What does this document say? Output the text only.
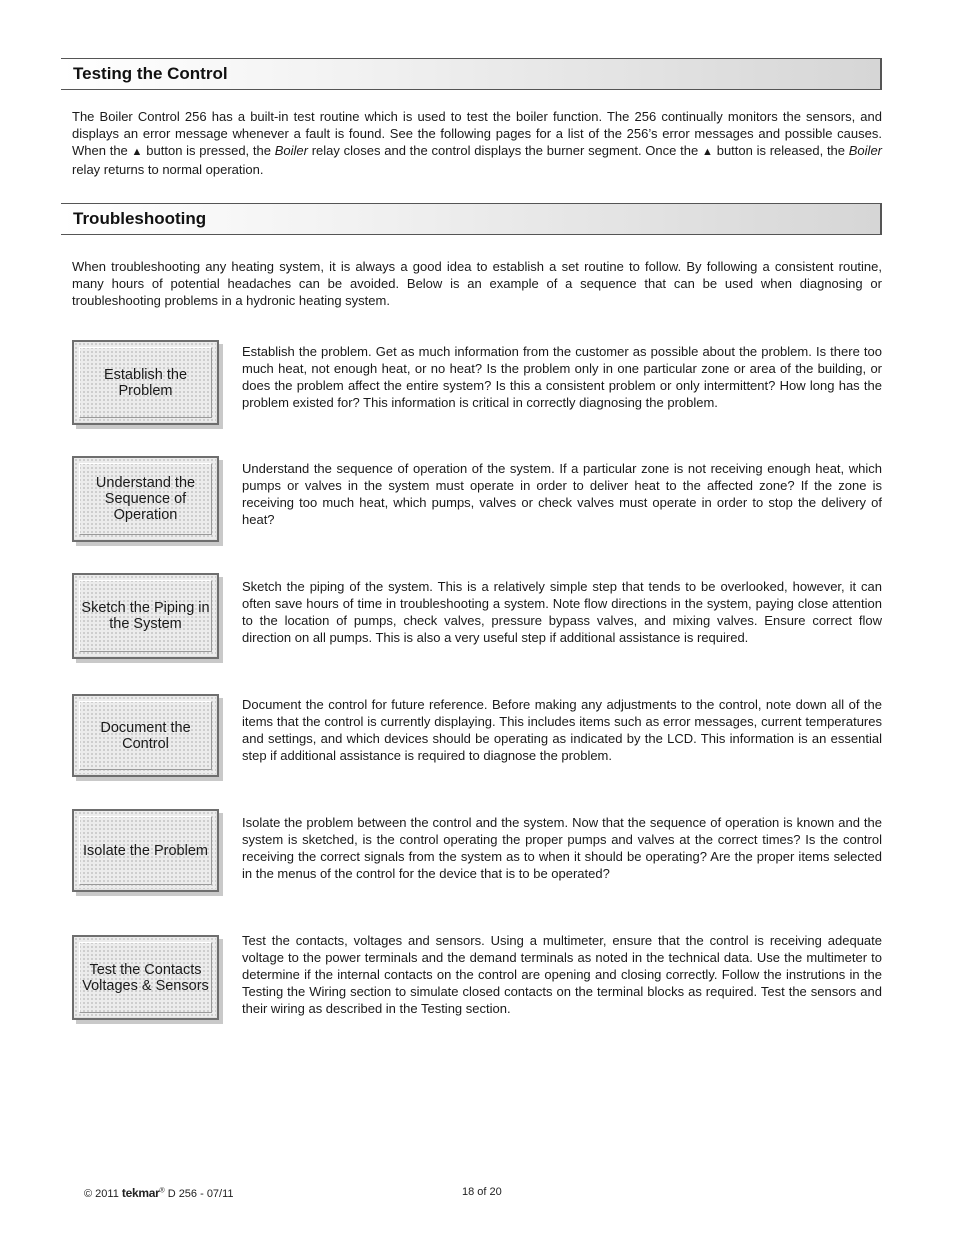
Testing the Control

The Boiler Control 256 has a built-in test routine which is used to test the boiler function. The 256 continually monitors the sensors, and displays an error message whenever a fault is found. See the following pages for a list of the 256’s error messages and possible causes. When the ▲ button is pressed, the Boiler relay closes and the control displays the burner segment. Once the ▲ button is released, the Boiler relay returns to normal operation.

Troubleshooting

When troubleshooting any heating system, it is always a good idea to establish a set routine to follow. By following a consistent routine, many hours of potential headaches can be avoided. Below is an example of a sequence that can be used when diagnosing or troubleshooting problems in a hydronic heating system.

Establish the Problem

Establish the problem. Get as much information from the customer as possible about the problem. Is there too much heat, not enough heat, or no heat? Is the problem only in one particular zone or area of the building, or does the problem affect the entire system? Is this a consistent problem or only intermittent? How long has the problem existed for? This information is critical in correctly diagnosing the problem.

Understand the Sequence of Operation

Understand the sequence of operation of the system. If a particular zone is not receiving enough heat, which pumps or valves in the system must operate in order to deliver heat to the affected zone? If the zone is receiving too much heat, which pumps, valves or check valves must operate in order to stop the delivery of heat?

Sketch the Piping in the System

Sketch the piping of the system. This is a relatively simple step that tends to be overlooked, however, it can often save hours of time in troubleshooting a system. Note flow directions in the system, paying close attention to the location of pumps, check valves, pressure bypass valves, and mixing valves. Ensure correct flow direction on all pumps. This is also a very useful step if additional assistance is required.

Document the Control

Document the control for future reference. Before making any adjustments to the control, note down all of the items that the control is currently displaying. This includes items such as error messages, current temperatures and settings, and which devices should be operating as indicated by the LCD. This information is an essential step if additional assistance is required to diagnose the problem.

Isolate the Problem

Isolate the problem between the control and the system. Now that the sequence of operation is known and the system is sketched, is the control operating the proper pumps and valves at the correct times? Is the control receiving the correct signals from the system as to when it should be operating? Are the proper items selected in the menus of the control for the device that is to be operated?

Test the Contacts Voltages & Sensors

Test the contacts, voltages and sensors. Using a multimeter, ensure that the control is receiving adequate voltage to the power terminals and the demand terminals as noted in the technical data. Use the multimeter to determine if the internal contacts on the control are opening and closing correctly. Follow the instrutions in the Testing the Wiring section to simulate closed contacts on the terminal blocks as required. Test the sensors and their wiring as described in the Testing section.

© 2011 tekmar® D 256 - 07/11	18 of 20
